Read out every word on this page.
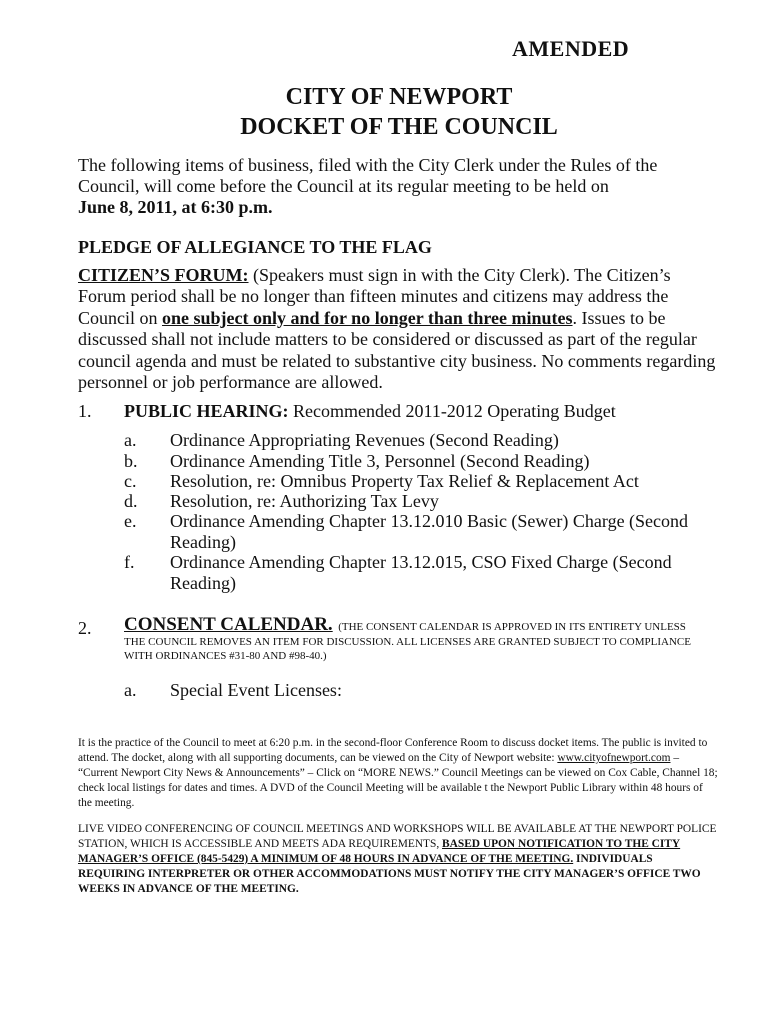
AMENDED
CITY OF NEWPORT
DOCKET OF THE COUNCIL
The following items of business, filed with the City Clerk under the Rules of the
Council, will come before the Council at its regular meeting to be held on
June 8, 2011, at 6:30 p.m.
PLEDGE OF ALLEGIANCE TO THE FLAG
CITIZEN’S FORUM: (Speakers must sign in with the City Clerk). The Citizen’s Forum period shall be no longer than fifteen minutes and citizens may address the Council on one subject only and for no longer than three minutes. Issues to be discussed shall not include matters to be considered or discussed as part of the regular council agenda and must be related to substantive city business. No comments regarding personnel or job performance are allowed.
1. PUBLIC HEARING: Recommended 2011-2012 Operating Budget
a.	Ordinance Appropriating Revenues (Second Reading)
b.	Ordinance Amending Title 3, Personnel (Second Reading)
c.	Resolution, re: Omnibus Property Tax Relief & Replacement Act
d.	Resolution, re: Authorizing Tax Levy
e.	Ordinance Amending Chapter 13.12.010 Basic (Sewer) Charge (Second Reading)
f.	Ordinance Amending Chapter 13.12.015, CSO Fixed Charge (Second Reading)
2. CONSENT CALENDAR. (THE CONSENT CALENDAR IS APPROVED IN ITS ENTIRETY UNLESS THE COUNCIL REMOVES AN ITEM FOR DISCUSSION. ALL LICENSES ARE GRANTED SUBJECT TO COMPLIANCE WITH ORDINANCES #31-80 AND #98-40.)
a.	Special Event Licenses:
It is the practice of the Council to meet at 6:20 p.m. in the second-floor Conference Room to discuss docket items. The public is invited to attend. The docket, along with all supporting documents, can be viewed on the City of Newport website: www.cityofnewport.com – “Current Newport City News & Announcements” – Click on “MORE NEWS.” Council Meetings can be viewed on Cox Cable, Channel 18; check local listings for dates and times. A DVD of the Council Meeting will be available t the Newport Public Library within 48 hours of the meeting.
LIVE VIDEO CONFERENCING OF COUNCIL MEETINGS AND WORKSHOPS WILL BE AVAILABLE AT THE NEWPORT POLICE STATION, WHICH IS ACCESSIBLE AND MEETS ADA REQUIREMENTS, BASED UPON NOTIFICATION TO THE CITY MANAGER’S OFFICE (845-5429) A MINIMUM OF 48 HOURS IN ADVANCE OF THE MEETING. INDIVIDUALS REQUIRING INTERPRETER OR OTHER ACCOMMODATIONS MUST NOTIFY THE CITY MANAGER’S OFFICE TWO WEEKS IN ADVANCE OF THE MEETING.
